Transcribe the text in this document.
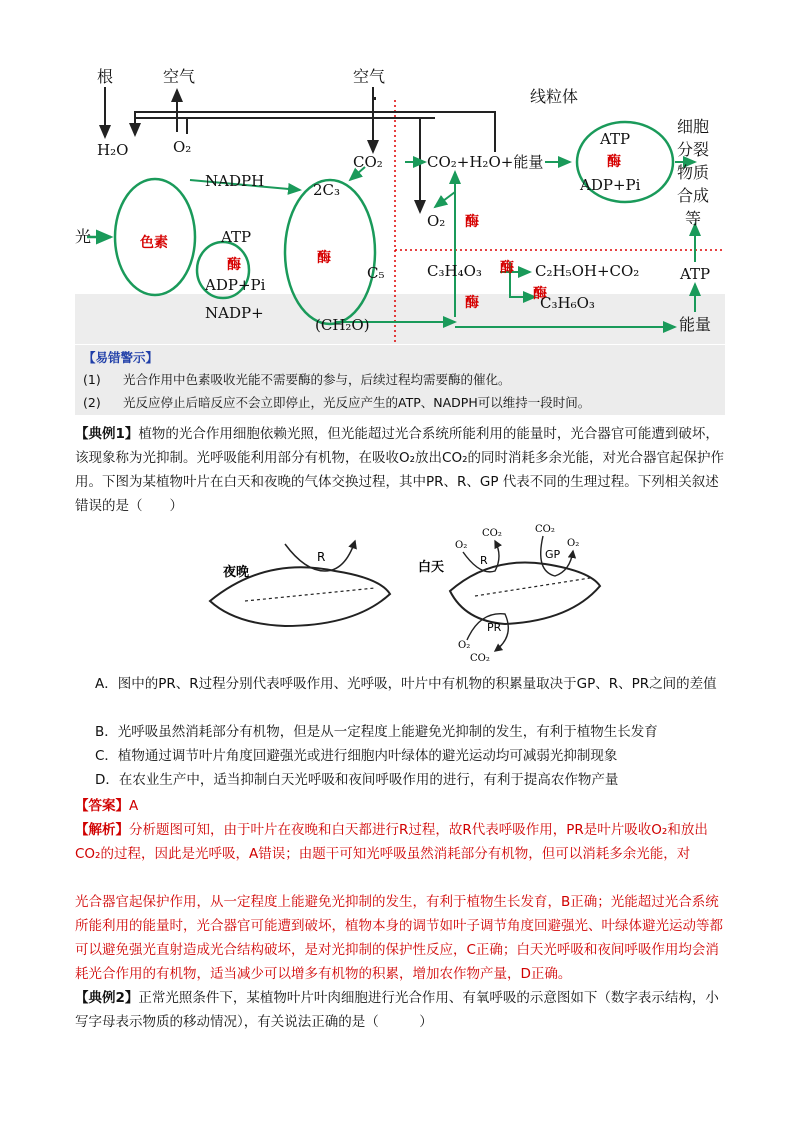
根	空气	空气
线粒体
光
H₂O	O₂
NADPH	2C₃
CO₂	CO₂+H₂O+能量
ATP
酶
ADP+Pi
细胞
分裂
物质
合成
等
色素	ATP
酶
ADP+Pi
酶
NADP+
C₅
(CH₂O)
O₂ 酶
C₃H₄O₃ 酶 C₂H₅OH+CO₂
酶
酶
C₃H₆O₃
ATP
能量
【易错警示】
(1) 光合作用中色素吸收光能不需要酶的参与，后续过程均需要酶的催化。
(2) 光反应停止后暗反应不会立即停止，光反应产生的ATP、NADPH可以维持一段时间。
【典例1】植物的光合作用细胞依赖光照，但光能超过光合系统所能利用的能量时，光合器官可能遭到破坏，该现象称为光抑制。光呼吸能利用部分有机物，在吸收O₂放出CO₂的同时消耗多余光能，对光合器官起保护作用。下图为某植物叶片在白天和夜晚的气体交换过程，其中PR、R、GP 代表不同的生理过程。下列相关叙述错误的是（　　）
R
夜晚	白天
O₂
CO₂
R
CO₂
GP
O₂
PR
O₂
CO₂
A．图中的PR、R过程分别代表呼吸作用、光呼吸，叶片中有机物的积累量取决于GP、R、PR之间的差值
B．光呼吸虽然消耗部分有机物，但是从一定程度上能避免光抑制的发生，有利于植物生长发育
C．植物通过调节叶片角度回避强光或进行细胞内叶绿体的避光运动均可减弱光抑制现象
D．在农业生产中，适当抑制白天光呼吸和夜间呼吸作用的进行，有利于提高农作物产量
【答案】A
【解析】分析题图可知，由于叶片在夜晚和白天都进行R过程，故R代表呼吸作用，PR是叶片吸收O₂和放出CO₂的过程，因此是光呼吸，A错误；由题干可知光呼吸虽然消耗部分有机物，但可以消耗多余光能，对
光合器官起保护作用，从一定程度上能避免光抑制的发生，有利于植物生长发育，B正确；光能超过光合系统所能利用的能量时，光合器官可能遭到破坏，植物本身的调节如叶子调节角度回避强光、叶绿体避光运动等都可以避免强光直射造成光合结构破坏，是对光抑制的保护性反应，C正确；白天光呼吸和夜间呼吸作用均会消耗光合作用的有机物，适当减少可以增多有机物的积累，增加农作物产量，D正确。
【典例2】正常光照条件下，某植物叶片叶肉细胞进行光合作用、有氧呼吸的示意图如下（数字表示结构，小写字母表示物质的移动情况），有关说法正确的是（　　　）
